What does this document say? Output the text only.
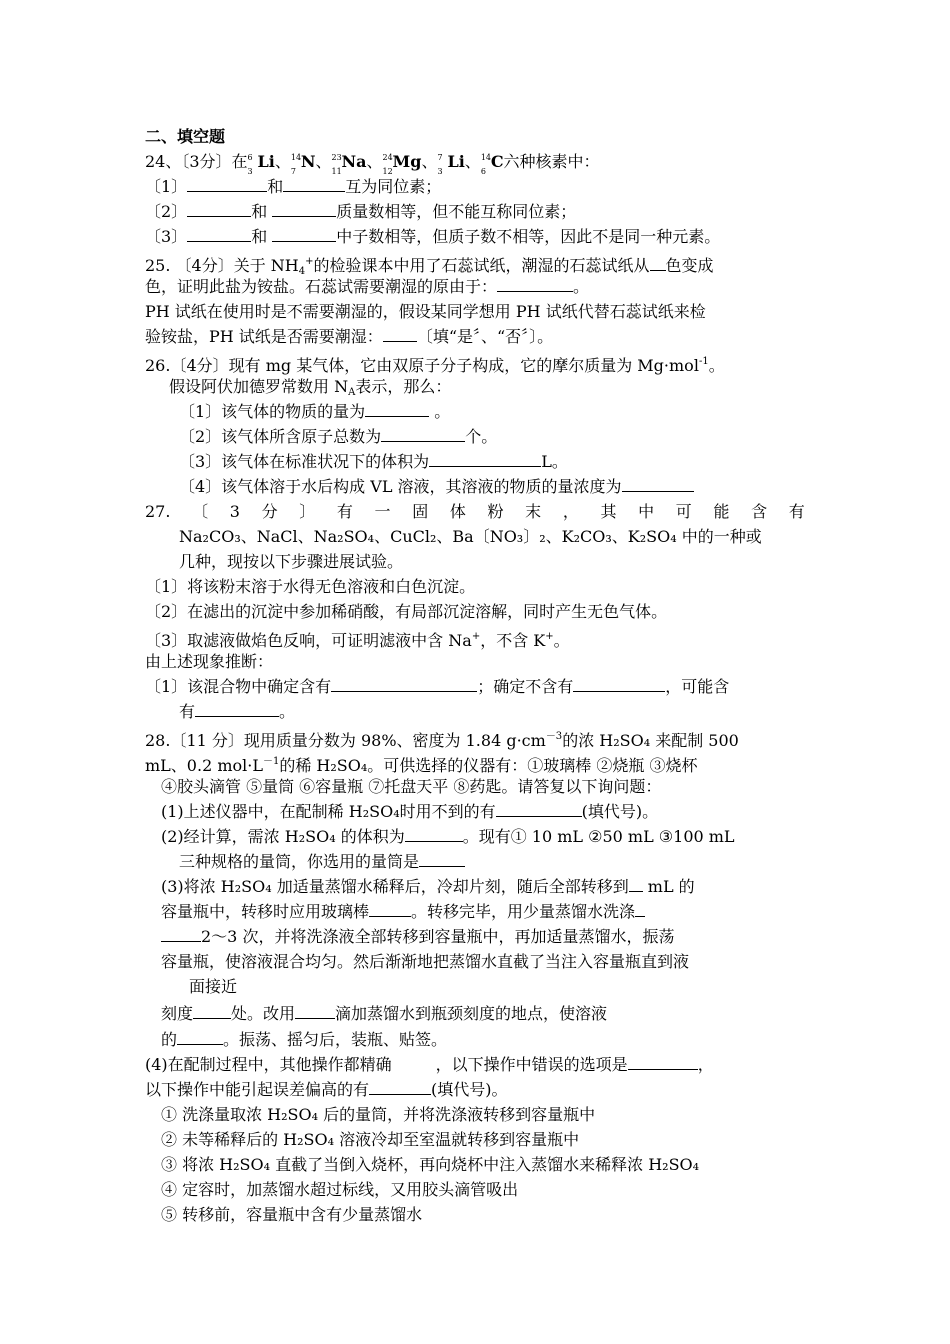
二、填空题
24、〔3分〕在 6
3
Li、 14
7
N、 23
11
Na、 24
12
Mg、 7
3
Li、 14
6
C六种核素中：
〔1〕	和	互为同位素；
〔2〕	和	质量数相等，但不能互称同位素；
〔3〕	和	中子数相等，但质子数不相等，因此不是同一种元素。
25. 〔4分〕关于 $NH_4^+$的检验课本中用了石蕊试纸，潮湿的石蕊试纸从 色变成
色，证明此盐为铵盐。石蕊试需要潮湿的原由于：	。
PH 试纸在使用时是不需要潮湿的，假设某同学想用 PH 试纸代替石蕊试纸来检
验铵盐，PH 试纸是否需要潮湿： 〔填“是〞、“否〞〕。
26.〔4分〕现有 mg 某气体，它由双原子分子构成，它的摩尔质量为 Mg·mol$^{-1}$。
假设阿伏加德罗常数用 $N_A$表示，那么：
〔1〕该气体的物质的量为	。
〔2〕该气体所含原子总数为	个。
〔3〕该气体在标准状况下的体积为	L。
〔4〕该气体溶于水后构成 VL 溶液，其溶液的物质的量浓度为
27. 〔 3 分 〕 有 一 固 体 粉 末 ， 其 中 可 能 含 有
Na₂CO₃、NaCl、Na₂SO₄、CuCl₂、Ba〔NO₃〕₂、K₂CO₃、K₂SO₄ 中的一种或
几种，现按以下步骤进展试验。
〔1〕将该粉末溶于水得无色溶液和白色沉淀。
〔2〕在滤出的沉淀中参加稀硝酸，有局部沉淀溶解，同时产生无色气体。
〔3〕取滤液做焰色反响，可证明滤液中含 Na+，不含 K+。
由上述现象推断：
〔1〕该混合物中确定含有	；确定不含有	，可能含
有	。
28.〔11 分〕现用质量分数为 98%、密度为 1.84 $g\cdot cm^{-3}$的浓 H₂SO₄ 来配制 500
mL、0.2 $mol\cdot L^{-1}$的稀 H₂SO₄。可供选择的仪器有：①玻璃棒 ②烧瓶 ③烧杯
④胶头滴管 ⑤量筒 ⑥容量瓶 ⑦托盘天平 ⑧药匙。请答复以下询问题：
(1)上述仪器中，在配制稀 H₂SO₄时用不到的有	(填代号)。
(2)经计算，需浓 H₂SO₄ 的体积为	。现有① 10 mL ②50 mL ③100 mL
三种规格的量筒，你选用的量筒是
(3)将浓 H₂SO₄ 加适量蒸馏水稀释后，冷却片刻，随后全部转移到 mL 的
容量瓶中，转移时应用玻璃棒	。转移完毕，用少量蒸馏水洗涤
2～3 次，并将洗涤液全部转移到容量瓶中，再加适量蒸馏水，振荡
容量瓶，使溶液混合均匀。然后渐渐地把蒸馏水直截了当注入容量瓶直到液
面接近
刻度 处。改用	滴加蒸馏水到瓶颈刻度的地点，使溶液
的	。振荡、摇匀后，装瓶、贴签。
(4)在配制过程中，其他操作都精确	，以下操作中错误的选项是	，
以下操作中能引起误差偏高的有	(填代号)。
① 洗涤量取浓 H₂SO₄ 后的量筒，并将洗涤液转移到容量瓶中
② 未等稀释后的 H₂SO₄ 溶液冷却至室温就转移到容量瓶中
③ 将浓 H₂SO₄ 直截了当倒入烧杯，再向烧杯中注入蒸馏水来稀释浓 H₂SO₄
④ 定容时，加蒸馏水超过标线，又用胶头滴管吸出
⑤ 转移前，容量瓶中含有少量蒸馏水
